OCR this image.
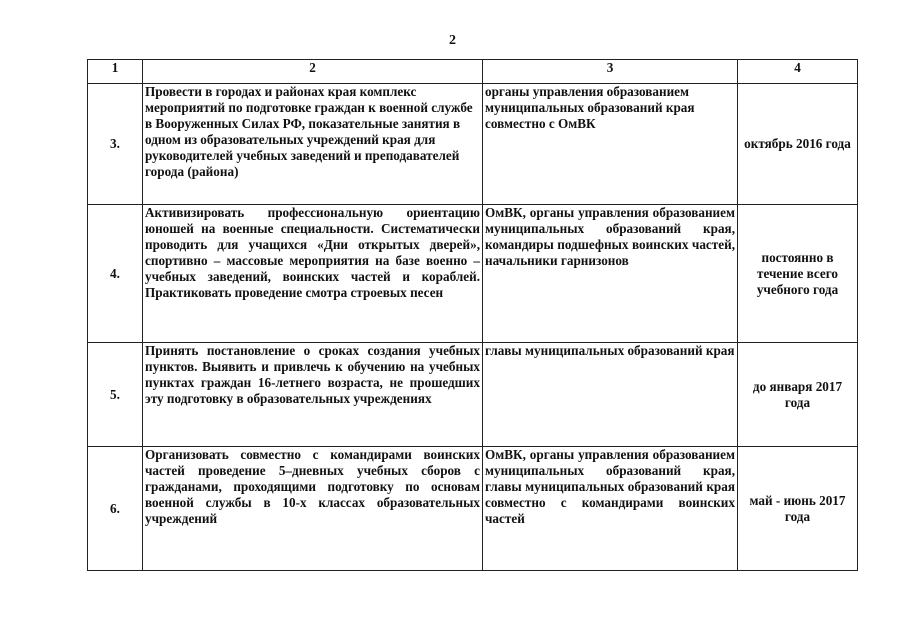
2
1	2	3	4
3.	Провести в городах и районах края комплекс мероприятий по подготовке граждан к военной службе в Вооруженных Силах РФ, показательные занятия в одном из образовательных учреждений края для руководителей учебных заведений и преподавателей города (района)	органы управления образованием муниципальных образований края совместно с ОмВК	октябрь 2016 года
4.	Активизировать профессиональную ориентацию юношей на военные специальности. Систематически проводить для учащихся «Дни открытых дверей», спортивно – массовые мероприятия на базе военно – учебных заведений, воинских частей и кораблей. Практиковать проведение смотра строевых песен	ОмВК, органы управления образованием муниципальных образований края, командиры подшефных воинских частей, начальники гарнизонов	постоянно в течение всего учебного года
5.	Принять постановление о сроках создания учебных пунктов. Выявить и привлечь к обучению на учебных пунктах граждан 16-летнего возраста, не прошедших эту подготовку в образовательных учреждениях	главы муниципальных образований края	до января 2017 года
6.	Организовать совместно с командирами воинских частей проведение 5–дневных учебных сборов с гражданами, проходящими подготовку по основам военной службы в 10-х классах образовательных учреждений	ОмВК, органы управления образованием муниципальных образований края, главы муниципальных образований края совместно с командирами воинских частей	май - июнь 2017 года
